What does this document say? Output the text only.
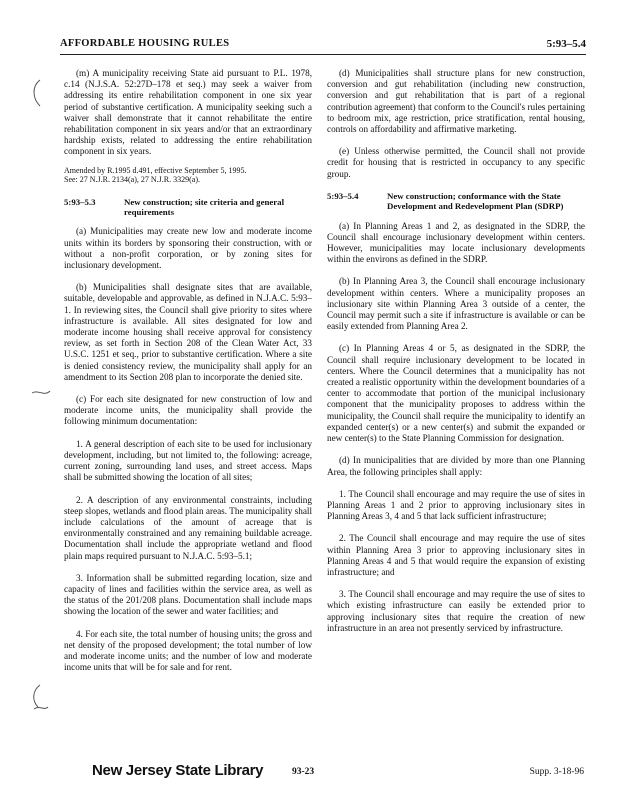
AFFORDABLE HOUSING RULES	5:93–5.4

(m) A municipality receiving State aid pursuant to P.L. 1978, c.14 (N.J.S.A. 52:27D–178 et seq.) may seek a waiver from addressing its entire rehabilitation component in one six year period of substantive certification. A municipality seeking such a waiver shall demonstrate that it cannot rehabilitate the entire rehabilitation component in six years and/or that an extraordinary hardship exists, related to addressing the entire rehabilitation component in six years.

Amended by R.1995 d.491, effective September 5, 1995.
See: 27 N.J.R. 2134(a), 27 N.J.R. 3329(a).

5:93–5.3	New construction; site criteria and general requirements

(a) Municipalities may create new low and moderate income units within its borders by sponsoring their construction, with or without a non-profit corporation, or by zoning sites for inclusionary development.

(b) Municipalities shall designate sites that are available, suitable, developable and approvable, as defined in N.J.A.C. 5:93–1. In reviewing sites, the Council shall give priority to sites where infrastructure is available. All sites designated for low and moderate income housing shall receive approval for consistency review, as set forth in Section 208 of the Clean Water Act, 33 U.S.C. 1251 et seq., prior to substantive certification. Where a site is denied consistency review, the municipality shall apply for an amendment to its Section 208 plan to incorporate the denied site.

(c) For each site designated for new construction of low and moderate income units, the municipality shall provide the following minimum documentation:

1. A general description of each site to be used for inclusionary development, including, but not limited to, the following: acreage, current zoning, surrounding land uses, and street access. Maps shall be submitted showing the location of all sites;

2. A description of any environmental constraints, including steep slopes, wetlands and flood plain areas. The municipality shall include calculations of the amount of acreage that is environmentally constrained and any remaining buildable acreage. Documentation shall include the appropriate wetland and flood plain maps required pursuant to N.J.A.C. 5:93–5.1;

3. Information shall be submitted regarding location, size and capacity of lines and facilities within the service area, as well as the status of the 201/208 plans. Documentation shall include maps showing the location of the sewer and water facilities; and

4. For each site, the total number of housing units; the gross and net density of the proposed development; the total number of low and moderate income units; and the number of low and moderate income units that will be for sale and for rent.

(d) Municipalities shall structure plans for new construction, conversion and gut rehabilitation (including new construction, conversion and gut rehabilitation that is part of a regional contribution agreement) that conform to the Council's rules pertaining to bedroom mix, age restriction, price stratification, rental housing, controls on affordability and affirmative marketing.

(e) Unless otherwise permitted, the Council shall not provide credit for housing that is restricted in occupancy to any specific group.

5:93–5.4	New construction; conformance with the State Development and Redevelopment Plan (SDRP)

(a) In Planning Areas 1 and 2, as designated in the SDRP, the Council shall encourage inclusionary development within centers. However, municipalities may locate inclusionary developments within the environs as defined in the SDRP.

(b) In Planning Area 3, the Council shall encourage inclusionary development within centers. Where a municipality proposes an inclusionary site within Planning Area 3 outside of a center, the Council may permit such a site if infrastructure is available or can be easily extended from Planning Area 2.

(c) In Planning Areas 4 or 5, as designated in the SDRP, the Council shall require inclusionary development to be located in centers. Where the Council determines that a municipality has not created a realistic opportunity within the development boundaries of a center to accommodate that portion of the municipal inclusionary component that the municipality proposes to address within the municipality, the Council shall require the municipality to identify an expanded center(s) or a new center(s) and submit the expanded or new center(s) to the State Planning Commission for designation.

(d) In municipalities that are divided by more than one Planning Area, the following principles shall apply:

1. The Council shall encourage and may require the use of sites in Planning Areas 1 and 2 prior to approving inclusionary sites in Planning Areas 3, 4 and 5 that lack sufficient infrastructure;

2. The Council shall encourage and may require the use of sites within Planning Area 3 prior to approving inclusionary sites in Planning Areas 4 and 5 that would require the expansion of existing infrastructure; and

3. The Council shall encourage and may require the use of sites to which existing infrastructure can easily be extended prior to approving inclusionary sites that require the creation of new infrastructure in an area not presently serviced by infrastructure.

New Jersey State Library	93-23	Supp. 3-18-96
